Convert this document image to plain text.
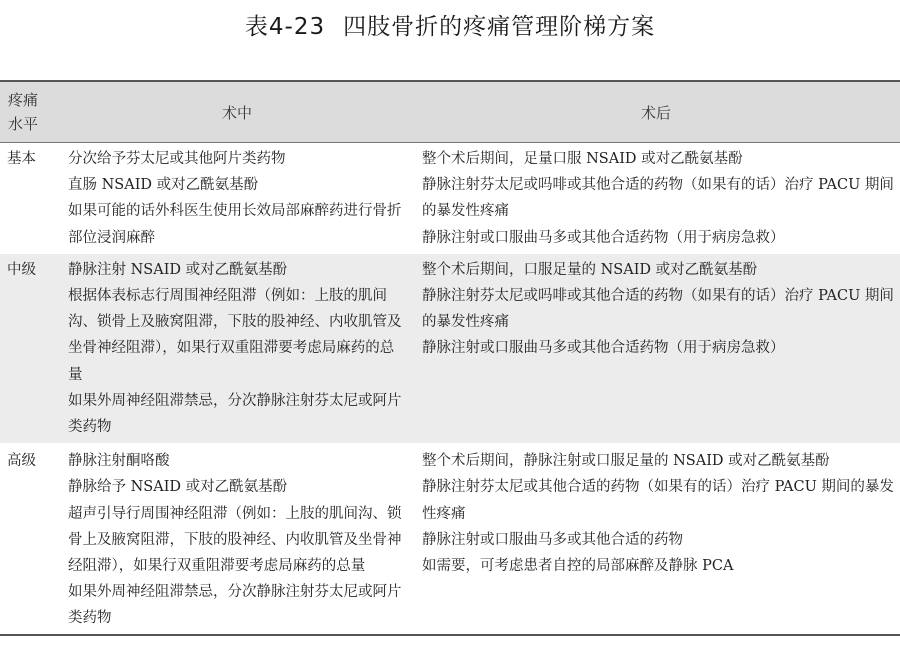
表4-23 四肢骨折的疼痛管理阶梯方案
疼痛
水平	术中	术后
基本	分次给予芬太尼或其他阿片类药物
直肠 NSAID 或对乙酰氨基酚
如果可能的话外科医生使用长效局部麻醉药进行骨折部位浸润麻醉	整个术后期间，足量口服 NSAID 或对乙酰氨基酚
静脉注射芬太尼或吗啡或其他合适的药物（如果有的话）治疗 PACU 期间的暴发性疼痛
静脉注射或口服曲马多或其他合适药物（用于病房急救）

中级	静脉注射 NSAID 或对乙酰氨基酚
根据体表标志行周围神经阻滞（例如：上肢的肌间沟、锁骨上及腋窝阻滞，下肢的股神经、内收肌管及坐骨神经阻滞），如果行双重阻滞要考虑局麻药的总量
如果外周神经阻滞禁忌，分次静脉注射芬太尼或阿片类药物	整个术后期间，口服足量的 NSAID 或对乙酰氨基酚
静脉注射芬太尼或吗啡或其他合适的药物（如果有的话）治疗 PACU 期间的暴发性疼痛
静脉注射或口服曲马多或其他合适药物（用于病房急救）

高级	静脉注射酮咯酸
静脉给予 NSAID 或对乙酰氨基酚
超声引导行周围神经阻滞（例如：上肢的肌间沟、锁骨上及腋窝阻滞，下肢的股神经、内收肌管及坐骨神经阻滞），如果行双重阻滞要考虑局麻药的总量
如果外周神经阻滞禁忌，分次静脉注射芬太尼或阿片类药物	整个术后期间，静脉注射或口服足量的 NSAID 或对乙酰氨基酚
静脉注射芬太尼或其他合适的药物（如果有的话）治疗 PACU 期间的暴发性疼痛
静脉注射或口服曲马多或其他合适的药物
如需要，可考虑患者自控的局部麻醉及静脉 PCA
